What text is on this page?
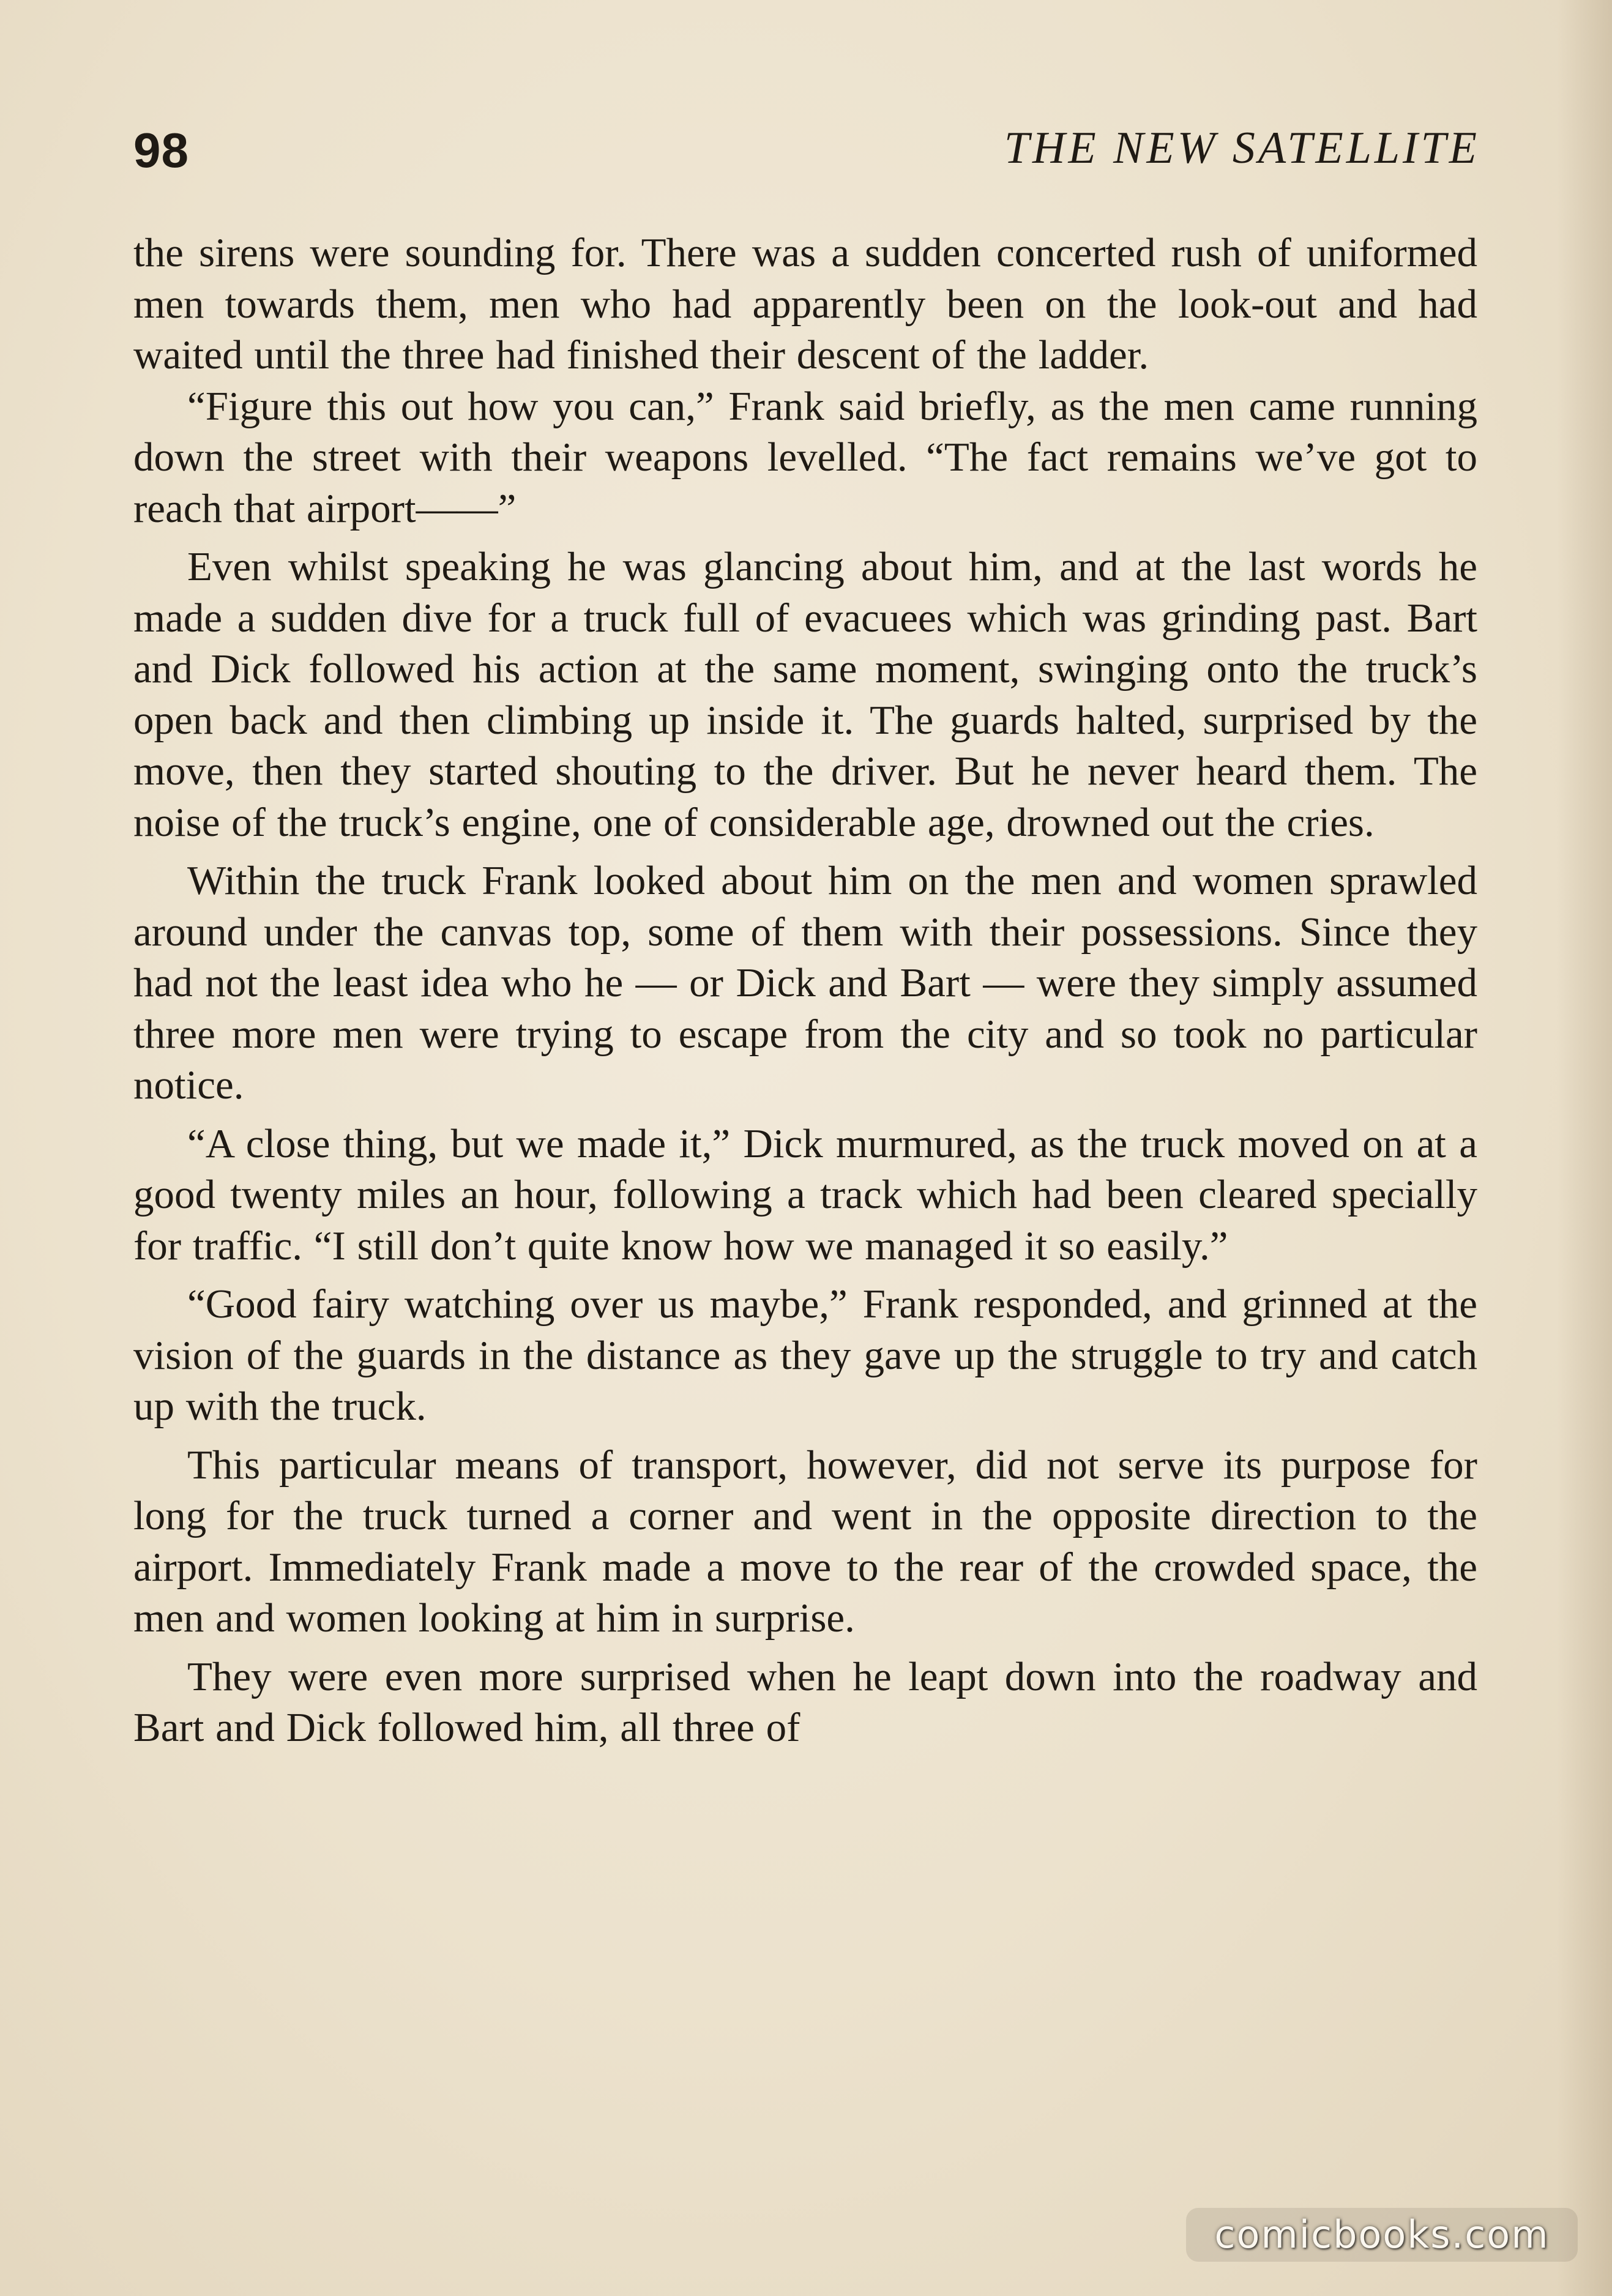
98	THE NEW SATELLITE

the sirens were sounding for. There was a sudden concerted rush of uniformed men towards them, men who had apparently been on the look-out and had waited until the three had finished their descent of the ladder.

“Figure this out how you can,” Frank said briefly, as the men came running down the street with their weapons levelled. “The fact remains we’ve got to reach that airport——”

Even whilst speaking he was glancing about him, and at the last words he made a sudden dive for a truck full of evacuees which was grinding past. Bart and Dick followed his action at the same moment, swinging onto the truck’s open back and then climbing up inside it. The guards halted, surprised by the move, then they started shouting to the driver. But he never heard them. The noise of the truck’s engine, one of considerable age, drowned out the cries.

Within the truck Frank looked about him on the men and women sprawled around under the canvas top, some of them with their possessions. Since they had not the least idea who he — or Dick and Bart — were they simply assumed three more men were trying to escape from the city and so took no particular notice.

“A close thing, but we made it,” Dick murmured, as the truck moved on at a good twenty miles an hour, following a track which had been cleared specially for traffic. “I still don’t quite know how we managed it so easily.”

“Good fairy watching over us maybe,” Frank responded, and grinned at the vision of the guards in the distance as they gave up the struggle to try and catch up with the truck.

This particular means of transport, however, did not serve its purpose for long for the truck turned a corner and went in the opposite direction to the airport. Immediately Frank made a move to the rear of the crowded space, the men and women looking at him in surprise.

They were even more surprised when he leapt down into the roadway and Bart and Dick followed him, all three of

comicbooks.com
